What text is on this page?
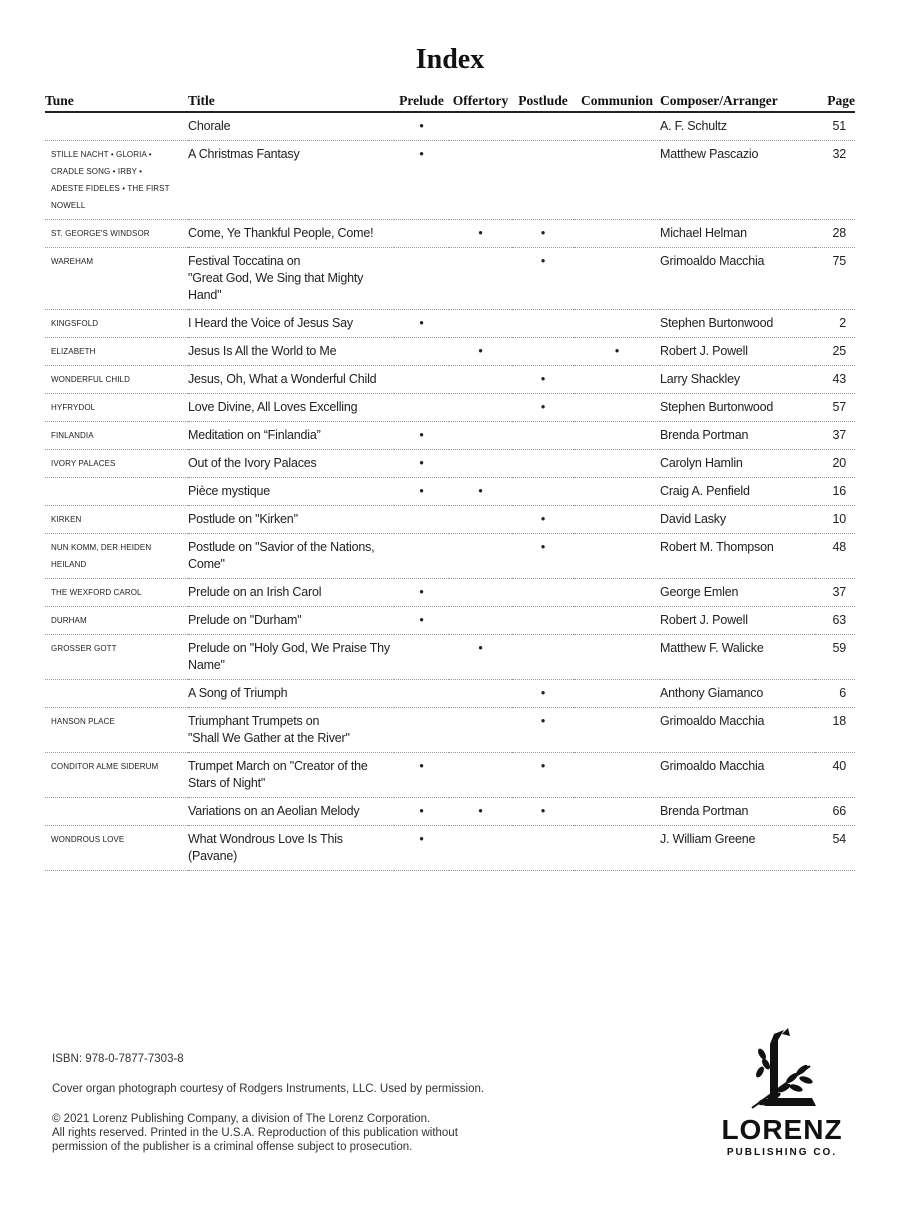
Index
Tune	Title	Prelude	Offertory	Postlude	Communion	Composer/Arranger	Page

	Chorale	•				A. F. Schultz	51

STILLE NACHT • GLORIA •
CRADLE SONG • IRBY •
ADESTE FIDELES • THE FIRST NOWELL	A Christmas Fantasy	•				Matthew Pascazio	32

ST. GEORGE'S WINDSOR	Come, Ye Thankful People, Come!		•	•		Michael Helman	28

WAREHAM	Festival Toccatina on
"Great God, We Sing that Mighty Hand"			•		Grimoaldo Macchia	75

KINGSFOLD	I Heard the Voice of Jesus Say	•				Stephen Burtonwood	2

ELIZABETH	Jesus Is All the World to Me		•		•	Robert J. Powell	25

WONDERFUL CHILD	Jesus, Oh, What a Wonderful Child			•		Larry Shackley	43

HYFRYDOL	Love Divine, All Loves Excelling			•		Stephen Burtonwood	57

FINLANDIA	Meditation on “Finlandia”	•				Brenda Portman	37

IVORY PALACES	Out of the Ivory Palaces	•				Carolyn Hamlin	20

	Pièce mystique	•	•			Craig A. Penfield	16

KIRKEN	Postlude on "Kirken"			•		David Lasky	10

NUN KOMM, DER HEIDEN HEILAND	Postlude on "Savior of the Nations, Come"			•		Robert M. Thompson	48

THE WEXFORD CAROL	Prelude on an Irish Carol	•				George Emlen	37

DURHAM	Prelude on "Durham"	•				Robert J. Powell	63

GROSSER GOTT	Prelude on "Holy God, We Praise Thy Name"		•			Matthew F. Walicke	59

	A Song of Triumph			•		Anthony Giamanco	6

HANSON PLACE	Triumphant Trumpets on
"Shall We Gather at the River"			•		Grimoaldo Macchia	18

CONDITOR ALME SIDERUM	Trumpet March on "Creator of the Stars of Night"	•		•		Grimoaldo Macchia	40

	Variations on an Aeolian Melody	•	•	•		Brenda Portman	66

WONDROUS LOVE	What Wondrous Love Is This (Pavane)	•				J. William Greene	54

ISBN: 978-0-7877-7303-8

Cover organ photograph courtesy of Rodgers Instruments, LLC. Used by permission.

© 2021 Lorenz Publishing Company, a division of The Lorenz Corporation.

All rights reserved. Printed in the U.S.A. Reproduction of this publication without

permission of the publisher is a criminal offense subject to prosecution.

LORENZ
PUBLISHING CO.
